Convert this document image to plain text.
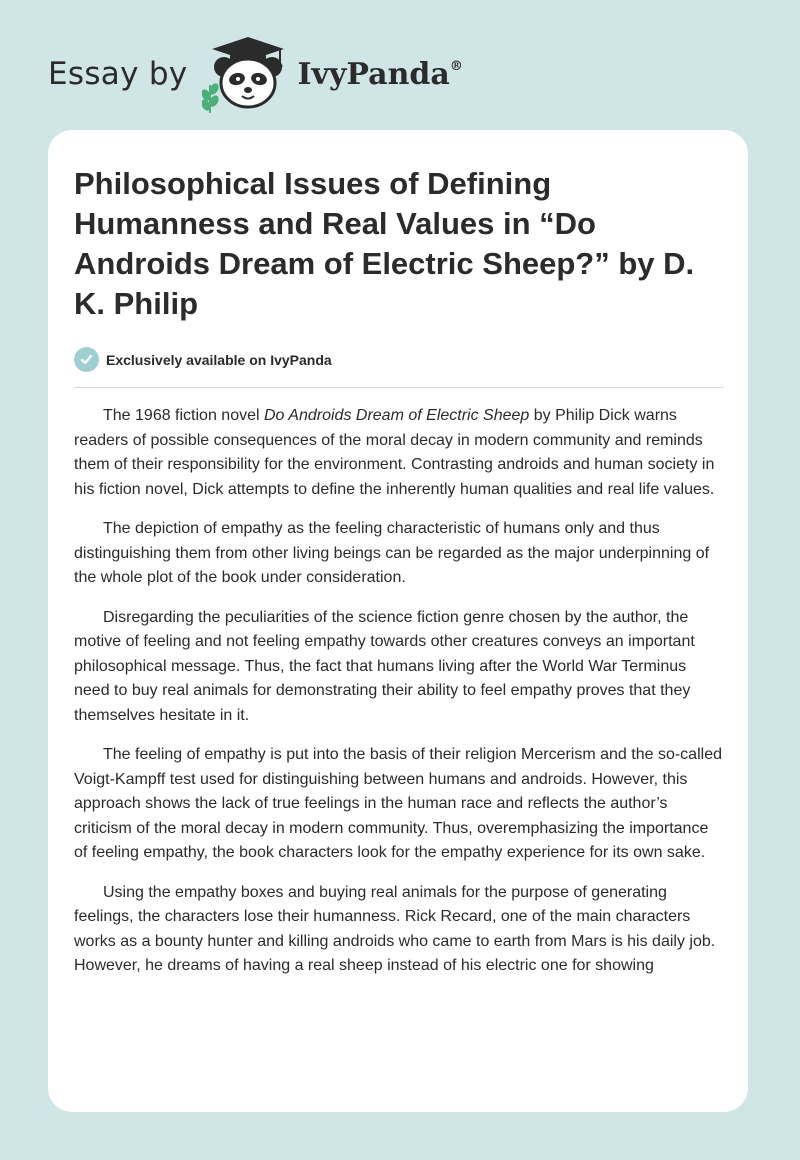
Essay by	IvyPanda®
Philosophical Issues of Defining Humanness and Real Values in “Do Androids Dream of Electric Sheep?” by D. K. Philip
Exclusively available on IvyPanda

The 1968 fiction novel Do Androids Dream of Electric Sheep by Philip Dick warns readers of possible consequences of the moral decay in modern community and reminds them of their responsibility for the environment. Contrasting androids and human society in his fiction novel, Dick attempts to define the inherently human qualities and real life values.

The depiction of empathy as the feeling characteristic of humans only and thus distinguishing them from other living beings can be regarded as the major underpinning of the whole plot of the book under consideration.

Disregarding the peculiarities of the science fiction genre chosen by the author, the motive of feeling and not feeling empathy towards other creatures conveys an important philosophical message. Thus, the fact that humans living after the World War Terminus need to buy real animals for demonstrating their ability to feel empathy proves that they themselves hesitate in it.

The feeling of empathy is put into the basis of their religion Mercerism and the so-called Voigt-Kampff test used for distinguishing between humans and androids. However, this approach shows the lack of true feelings in the human race and reflects the author’s criticism of the moral decay in modern community. Thus, overemphasizing the importance of feeling empathy, the book characters look for the empathy experience for its own sake.

Using the empathy boxes and buying real animals for the purpose of generating feelings, the characters lose their humanness. Rick Recard, one of the main characters works as a bounty hunter and killing androids who came to earth from Mars is his daily job. However, he dreams of having a real sheep instead of his electric one for showing
